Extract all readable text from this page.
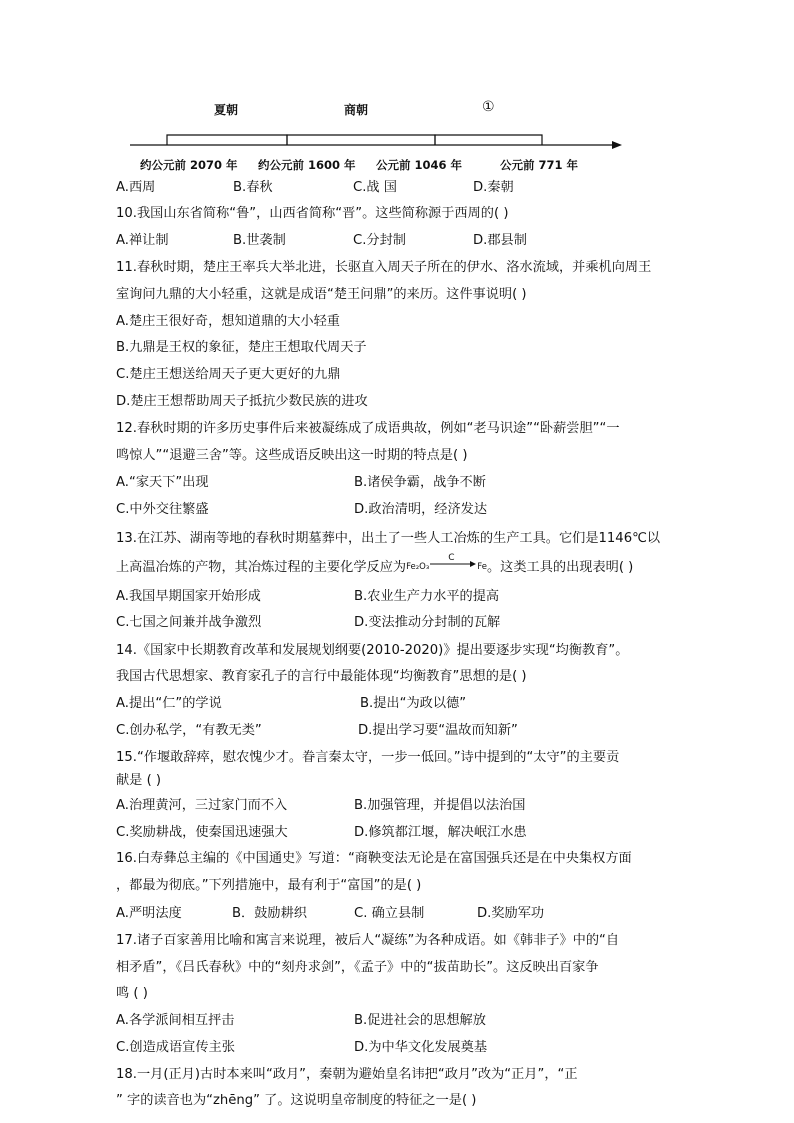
夏朝	商朝	①
约公元前 2070 年 约公元前 1600 年 公元前 1046 年	公元前 771 年
A.西周	B.春秋	C.战 国	D.秦朝
10.我国山东省简称“鲁”，山西省简称“晋”。这些简称源于西周的( )
A.禅让制	B.世袭制	C.分封制	D.郡县制
11.春秋时期，楚庄王率兵大举北进，长驱直入周天子所在的伊水、洛水流域，并乘机向周王
室询问九鼎的大小轻重，这就是成语“楚王问鼎”的来历。这件事说明( )
A.楚庄王很好奇，想知道鼎的大小轻重
B.九鼎是王权的象征，楚庄王想取代周天子
C.楚庄王想送给周天子更大更好的九鼎
D.楚庄王想帮助周天子抵抗少数民族的进攻
12.春秋时期的许多历史事件后来被凝练成了成语典故，例如“老马识途”“卧薪尝胆”“一
鸣惊人”“退避三舍”等。这些成语反映出这一时期的特点是( )
A.“家天下”出现	B.诸侯争霸，战争不断
C.中外交往繁盛	D.政治清明，经济发达
13.在江苏、湖南等地的春秋时期墓葬中，出土了一些人工冶炼的生产工具。它们是1146℃以
上高温冶炼的产物，其冶炼过程的主要化学反应为Fe₂O₃
C
Fe。这类工具的出现表明( )
A.我国早期国家开始形成	B.农业生产力水平的提高
C.七国之间兼并战争激烈	D.变法推动分封制的瓦解
14.《国家中长期教育改革和发展规划纲要(2010-2020)》提出要逐步实现“均衡教育”。
我国古代思想家、教育家孔子的言行中最能体现“均衡教育”思想的是( )
A.提出“仁”的学说	B.提出“为政以德”
C.创办私学，“有教无类”	D.提出学习要“温故而知新”
15.“作堰敢辞瘁，慰农愧少才。眷言秦太守，一步一低回。”诗中提到的“太守”的主要贡
献是 ( )
A.治理黄河，三过家门而不入	B.加强管理，并提倡以法治国
C.奖励耕战，使秦国迅速强大	D.修筑都江堰，解决岷江水患
16.白寿彝总主编的《中国通史》写道：“商鞅变法无论是在富国强兵还是在中央集权方面
，都最为彻底。”下列措施中，最有利于“富国”的是( )
A.严明法度	B．鼓励耕织	C. 确立县制	D.奖励军功
17.诸子百家善用比喻和寓言来说理，被后人“凝练”为各种成语。如《韩非子》中的“自
相矛盾”，《吕氏春秋》中的“刻舟求剑”，《孟子》中的“拔苗助长”。这反映出百家争
鸣 ( )
A.各学派间相互抨击	B.促进社会的思想解放
C.创造成语宣传主张	D.为中华文化发展奠基
18.一月(正月)古时本来叫“政月”，秦朝为避始皇名讳把“政月”改为“正月”，“正
” 字的读音也为“zhēng” 了。这说明皇帝制度的特征之一是( )
